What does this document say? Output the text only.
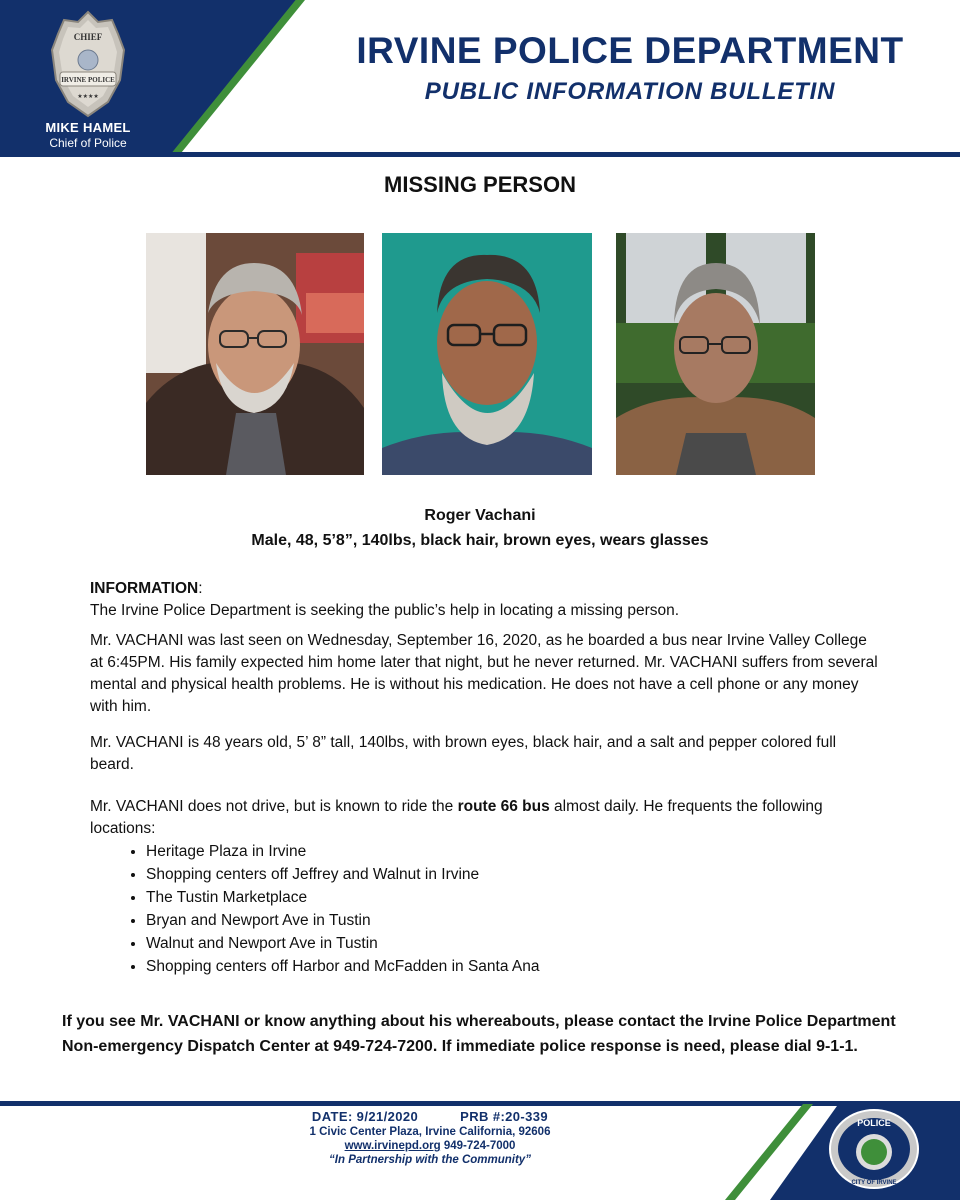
CHIEF
IRVINE POLICE
★★★★
MIKE HAMEL
Chief of Police
IRVINE POLICE DEPARTMENT
PUBLIC INFORMATION BULLETIN
MISSING PERSON
Roger Vachani
Male, 48, 5’8”, 140lbs, black hair, brown eyes, wears glasses

INFORMATION:

The Irvine Police Department is seeking the public’s help in locating a missing person.

Mr. VACHANI was last seen on Wednesday, September 16, 2020, as he boarded a bus near Irvine Valley College at 6:45PM. His family expected him home later that night, but he never returned. Mr. VACHANI suffers from several mental and physical health problems. He is without his medication. He does not have a cell phone or any money with him.

Mr. VACHANI is 48 years old, 5’ 8” tall, 140lbs, with brown eyes, black hair, and a salt and pepper colored full beard.

Mr. VACHANI does not drive, but is known to ride the route 66 bus almost daily. He frequents the following locations:

• Heritage Plaza in Irvine
• Shopping centers off Jeffrey and Walnut in Irvine
• The Tustin Marketplace
• Bryan and Newport Ave in Tustin
• Walnut and Newport Ave in Tustin
• Shopping centers off Harbor and McFadden in Santa Ana
If you see Mr. VACHANI or know anything about his whereabouts, please contact the Irvine Police Department Non-emergency Dispatch Center at 949-724-7200. If immediate police response is need, please dial 9-1-1.
POLICE
CITY OF IRVINE
DATE: 9/21/2020	PRB #:20-339
1 Civic Center Plaza, Irvine California, 92606
www.irvinepd.org 949-724-7000
“In Partnership with the Community”
